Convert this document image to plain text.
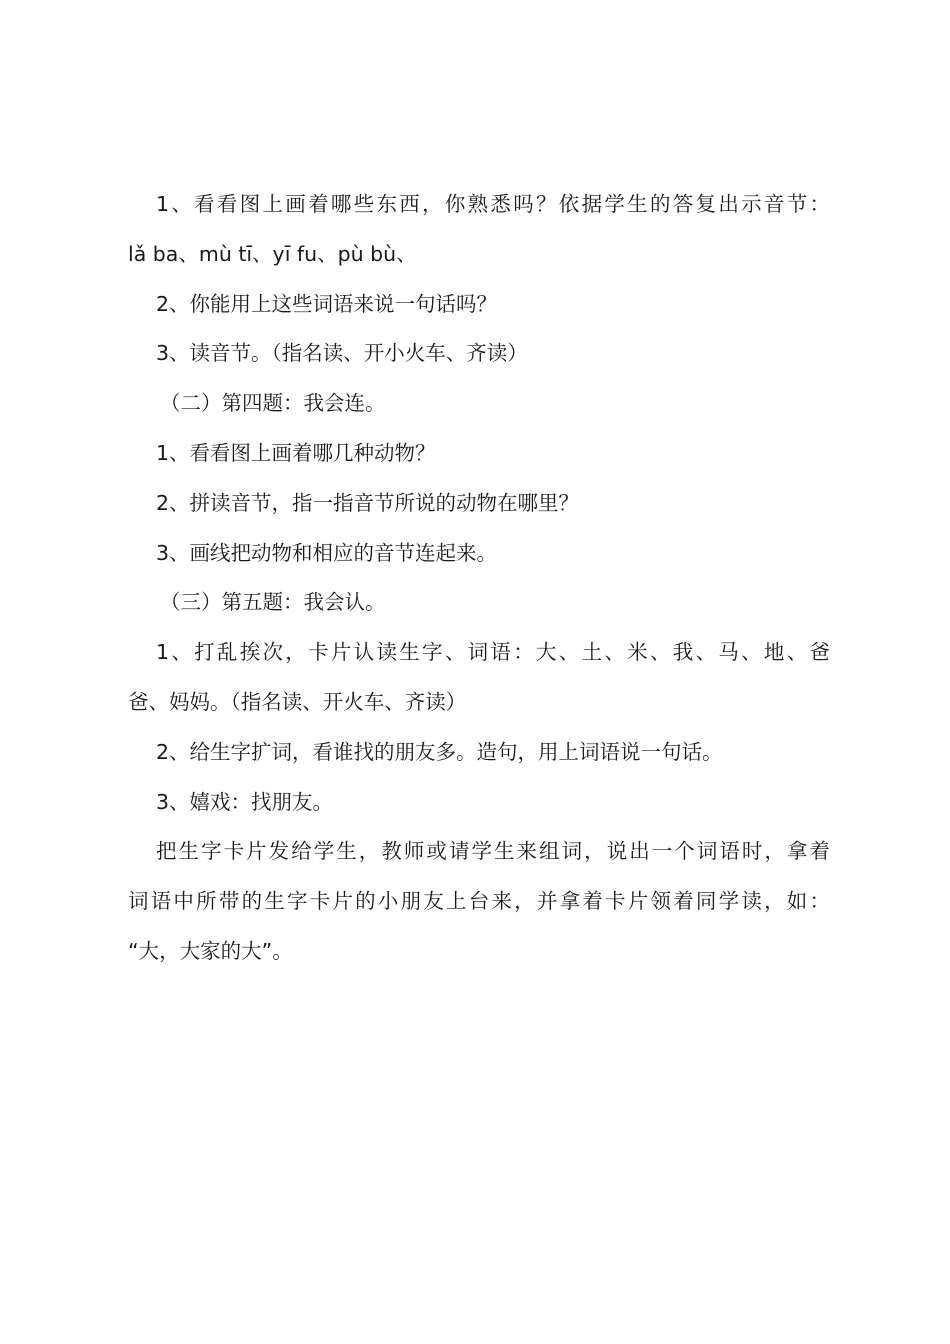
1、看看图上画着哪些东西，你熟悉吗？依据学生的答复出示音节：
lǎ ba、mù tī、yī fu、pù bù、
2、你能用上这些词语来说一句话吗？
3、读音节。（指名读、开小火车、齐读）
（二）第四题：我会连。
1、看看图上画着哪几种动物？
2、拼读音节，指一指音节所说的动物在哪里？
3、画线把动物和相应的音节连起来。
（三）第五题：我会认。
1、打乱挨次，卡片认读生字、词语：大、土、米、我、马、地、爸
爸、妈妈。（指名读、开火车、齐读）
2、给生字扩词，看谁找的朋友多。造句，用上词语说一句话。
3、嬉戏：找朋友。
把生字卡片发给学生，教师或请学生来组词，说出一个词语时，拿着
词语中所带的生字卡片的小朋友上台来，并拿着卡片领着同学读，如：
“大，大家的大”。
